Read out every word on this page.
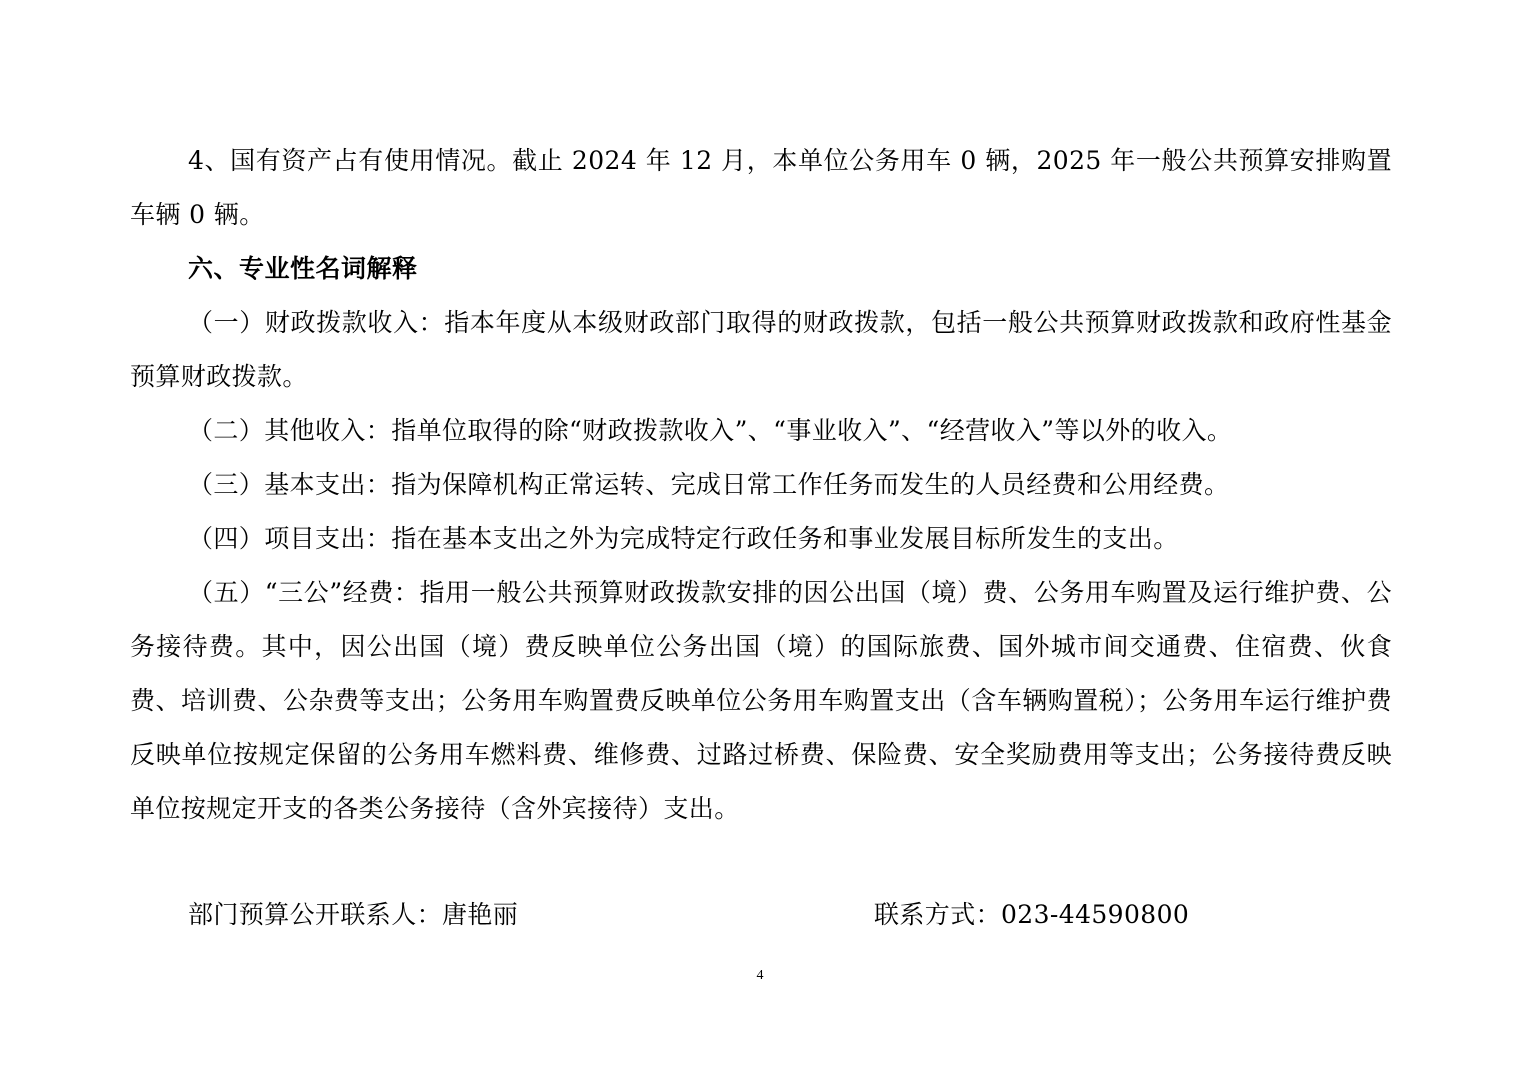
4、国有资产占有使用情况。截止 2024 年 12 月，本单位公务用车 0 辆，2025 年一般公共预算安排购置车辆 0 辆。

六、专业性名词解释

（一）财政拨款收入：指本年度从本级财政部门取得的财政拨款，包括一般公共预算财政拨款和政府性基金预算财政拨款。

（二）其他收入：指单位取得的除“财政拨款收入”、“事业收入”、“经营收入”等以外的收入。

（三）基本支出：指为保障机构正常运转、完成日常工作任务而发生的人员经费和公用经费。

（四）项目支出：指在基本支出之外为完成特定行政任务和事业发展目标所发生的支出。

（五）“三公”经费：指用一般公共预算财政拨款安排的因公出国（境）费、公务用车购置及运行维护费、公务接待费。其中，因公出国（境）费反映单位公务出国（境）的国际旅费、国外城市间交通费、住宿费、伙食费、培训费、公杂费等支出；公务用车购置费反映单位公务用车购置支出（含车辆购置税）；公务用车运行维护费反映单位按规定保留的公务用车燃料费、维修费、过路过桥费、保险费、安全奖励费用等支出；公务接待费反映单位按规定开支的各类公务接待（含外宾接待）支出。

部门预算公开联系人：唐艳丽	联系方式：023-44590800
4
